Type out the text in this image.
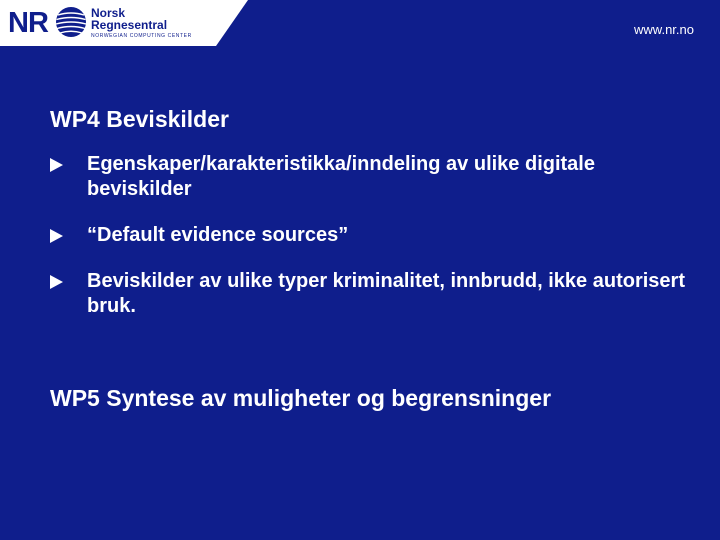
NR	Norsk
Regnesentral
NORWEGIAN COMPUTING CENTER	www.nr.no
WP4 Beviskilder
Egenskaper/karakteristikka/inndeling av ulike digitale beviskilder
“Default evidence sources”
Beviskilder av ulike typer kriminalitet, innbrudd, ikke autorisert bruk.
WP5 Syntese av muligheter og begrensninger
